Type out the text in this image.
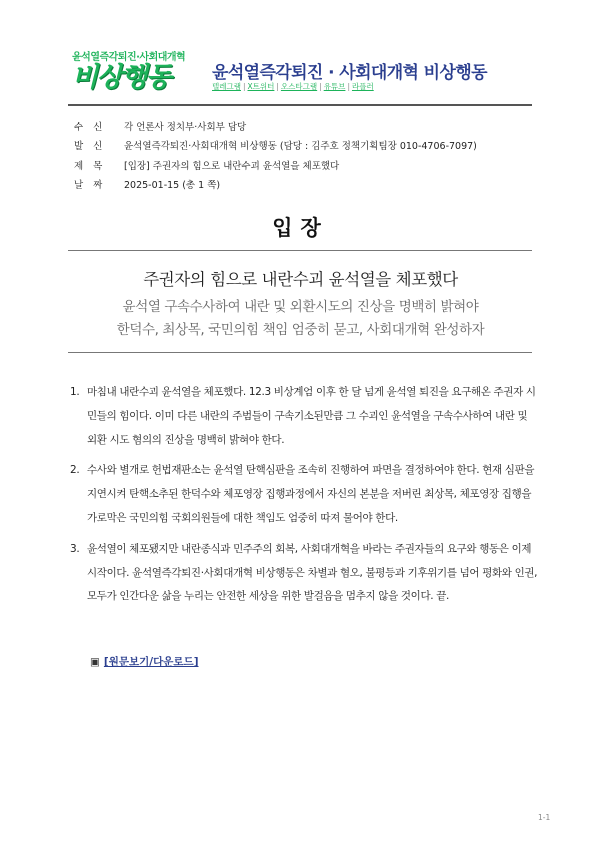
윤석열즉각퇴진·사회대개혁
비상행동	윤석열즉각퇴진 · 사회대개혁 비상행동
텔레그램 | X트위터 | 오스타그램 | 유튜브 | 라플러
수신	각 언론사 정치부·사회부 담당
발신	윤석열즉각퇴진·사회대개혁 비상행동 (담당 : 김주호 정책기획팀장 010-4706-7097)
제목	[입장] 주권자의 힘으로 내란수괴 윤석열을 체포했다
날짜	2025-01-15 (총 1 쪽)
입장
주권자의 힘으로 내란수괴 윤석열을 체포했다
윤석열 구속수사하여 내란 및 외환시도의 진상을 명백히 밝혀야
한덕수, 최상목, 국민의힘 책임 엄중히 묻고, 사회대개혁 완성하자
1. 마침내 내란수괴 윤석열을 체포했다. 12.3 비상계엄 이후 한 달 넘게 윤석열 퇴진을 요구해온 주권자 시민들의 힘이다. 이미 다른 내란의 주범들이 구속기소된만큼 그 수괴인 윤석열을 구속수사하여 내란 및 외환 시도 혐의의 진상을 명백히 밝혀야 한다.
2. 수사와 별개로 헌법재판소는 윤석열 탄핵심판을 조속히 진행하여 파면을 결정하여야 한다. 현재 심판을 지연시켜 탄핵소추된 한덕수와 체포영장 집행과정에서 자신의 본분을 저버린 최상목, 체포영장 집행을 가로막은 국민의힘 국회의원들에 대한 책임도 엄중히 따져 물어야 한다.
3. 윤석열이 체포됐지만 내란종식과 민주주의 회복, 사회대개혁을 바라는 주권자들의 요구와 행동은 이제 시작이다. 윤석열즉각퇴진·사회대개혁 비상행동은 차별과 혐오, 불평등과 기후위기를 넘어 평화와 인권, 모두가 인간다운 삶을 누리는 안전한 세상을 위한 발걸음을 멈추지 않을 것이다. 끝.
▣ [원문보기/다운로드]
1-1
